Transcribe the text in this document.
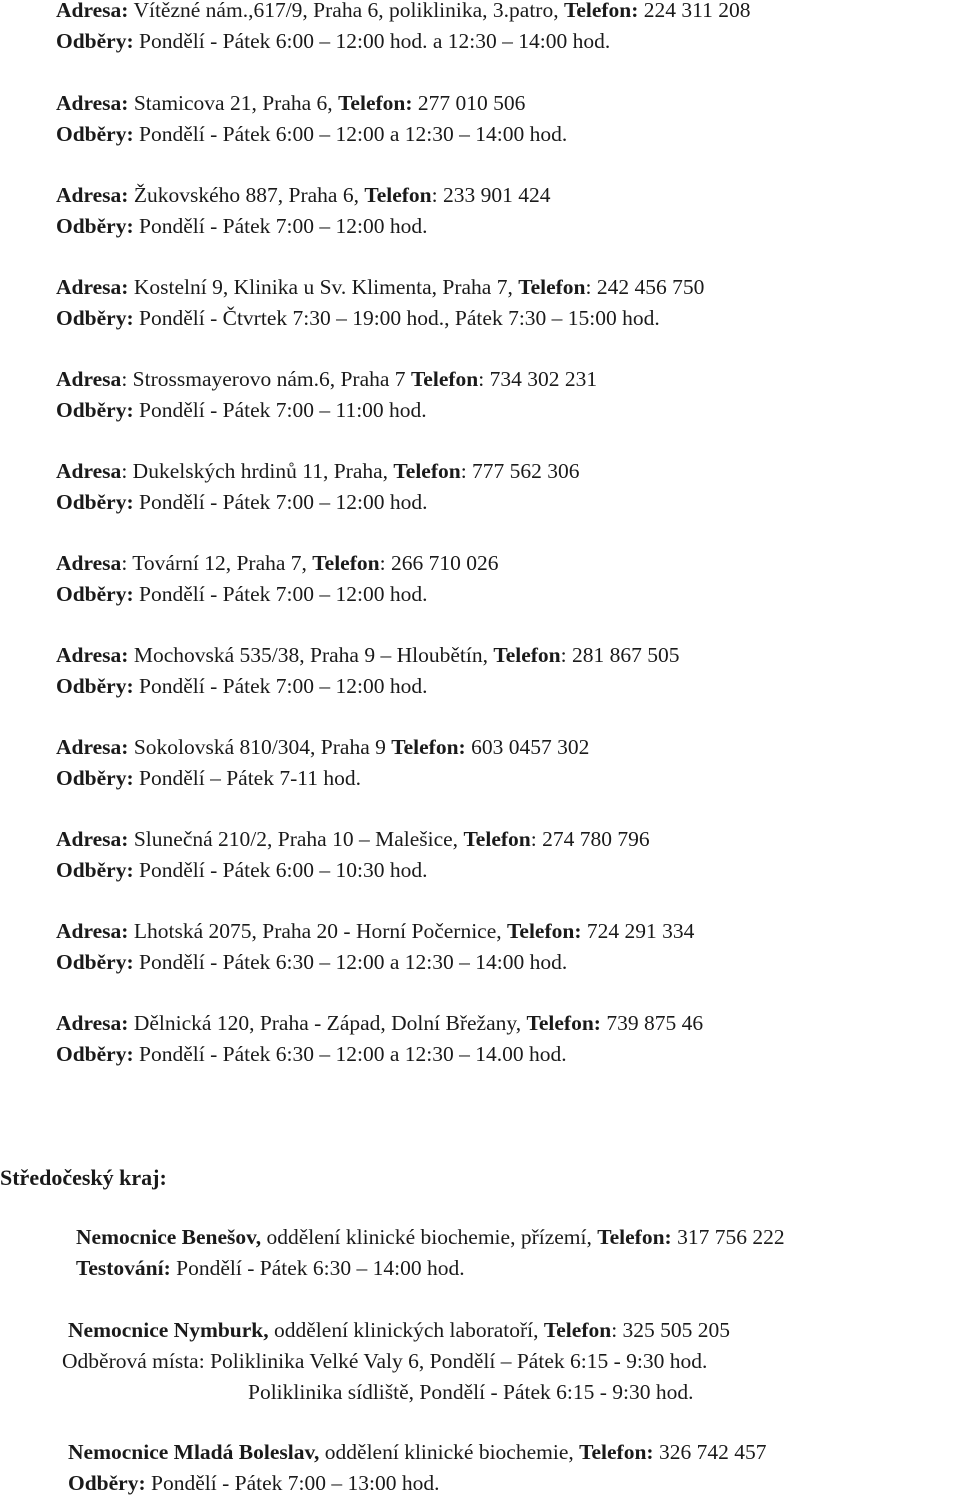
Adresa: Vítězné nám.,617/9, Praha 6, poliklinika, 3.patro, Telefon: 224 311 208
Odběry: Pondělí - Pátek 6:00 – 12:00 hod. a 12:30 – 14:00 hod.
Adresa: Stamicova 21, Praha 6, Telefon: 277 010 506
Odběry: Pondělí - Pátek 6:00 – 12:00 a 12:30 – 14:00 hod.
Adresa: Žukovského 887, Praha 6, Telefon: 233 901 424
Odběry: Pondělí - Pátek 7:00 – 12:00 hod.
Adresa: Kostelní 9, Klinika u Sv. Klimenta, Praha 7, Telefon: 242 456 750
Odběry: Pondělí - Čtvrtek 7:30 – 19:00 hod., Pátek 7:30 – 15:00 hod.
Adresa: Strossmayerovo nám.6, Praha 7 Telefon: 734 302 231
Odběry: Pondělí - Pátek 7:00 – 11:00 hod.
Adresa: Dukelských hrdinů 11, Praha, Telefon: 777 562 306
Odběry: Pondělí - Pátek 7:00 – 12:00 hod.
Adresa: Tovární 12, Praha 7, Telefon: 266 710 026
Odběry: Pondělí - Pátek 7:00 – 12:00 hod.
Adresa: Mochovská 535/38, Praha 9 – Hloubětín, Telefon: 281 867 505
Odběry: Pondělí - Pátek 7:00 – 12:00 hod.
Adresa: Sokolovská 810/304, Praha 9 Telefon: 603 0457 302
Odběry: Pondělí – Pátek 7-11 hod.
Adresa: Slunečná 210/2, Praha 10 – Malešice, Telefon: 274 780 796
Odběry: Pondělí - Pátek 6:00 – 10:30 hod.
Adresa: Lhotská 2075, Praha 20 - Horní Počernice, Telefon: 724 291 334
Odběry: Pondělí - Pátek 6:30 – 12:00 a 12:30 – 14:00 hod.
Adresa: Dělnická 120, Praha - Západ, Dolní Břežany, Telefon: 739 875 46
Odběry: Pondělí - Pátek 6:30 – 12:00 a 12:30 – 14.00 hod.
Středočeský kraj:
Nemocnice Benešov, oddělení klinické biochemie, přízemí, Telefon: 317 756 222
Testování: Pondělí - Pátek 6:30 – 14:00 hod.
Nemocnice Nymburk, oddělení klinických laboratoří, Telefon: 325 505 205
Odběrová místa: Poliklinika Velké Valy 6, Pondělí – Pátek 6:15 - 9:30 hod.
Poliklinika sídliště, Pondělí - Pátek 6:15 - 9:30 hod.
Nemocnice Mladá Boleslav, oddělení klinické biochemie, Telefon: 326 742 457
Odběry: Pondělí - Pátek 7:00 – 13:00 hod.
